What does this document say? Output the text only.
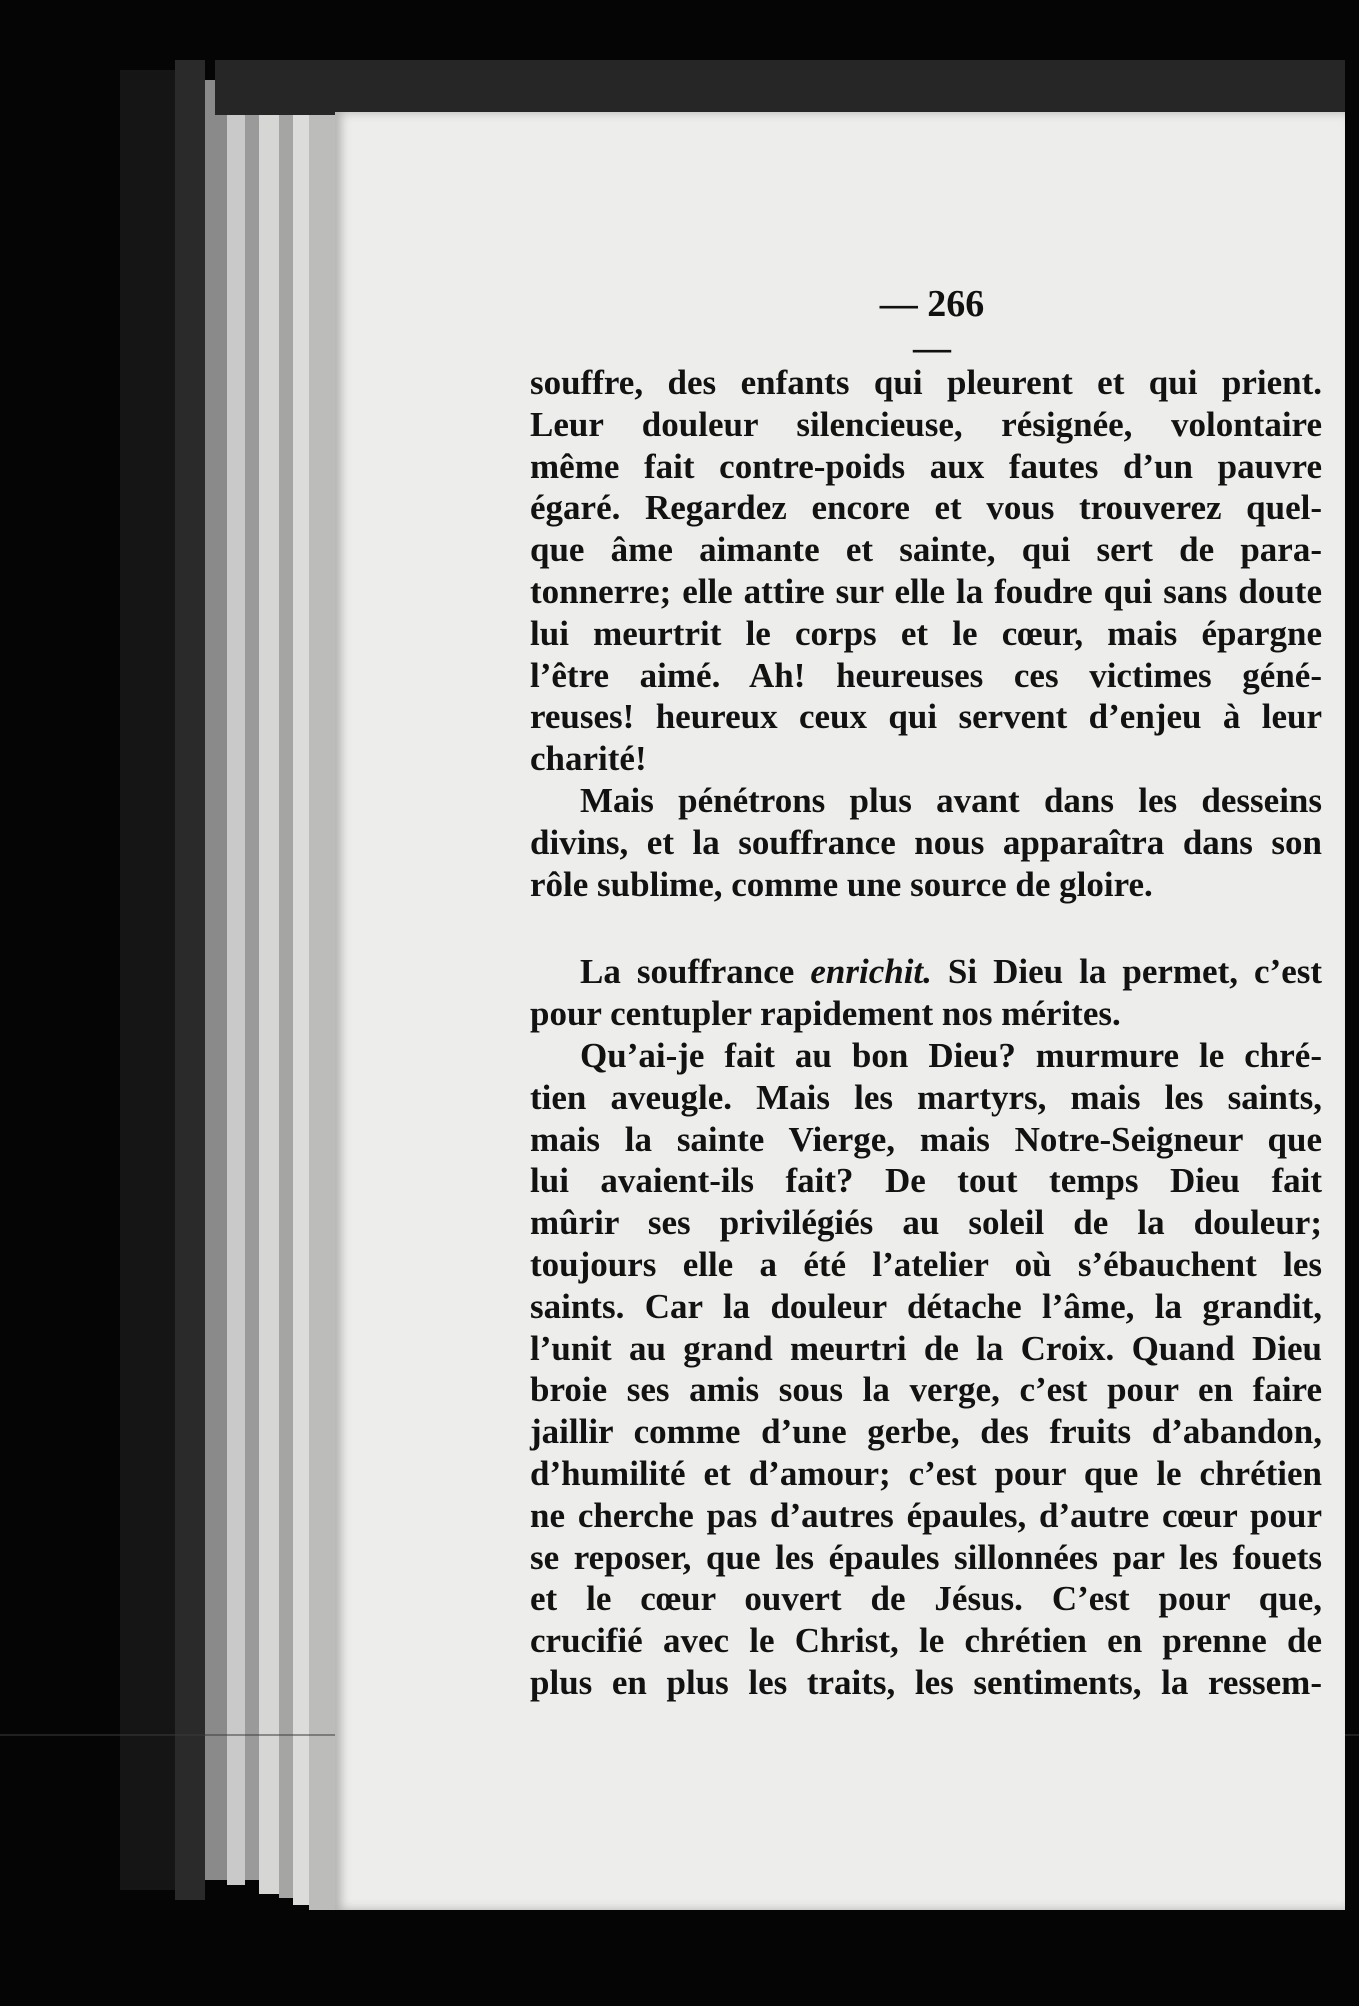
— 266 —
souffre, des enfants qui pleurent et qui prient.
Leur douleur silencieuse, résignée, volontaire
même fait contre-poids aux fautes d’un pauvre
égaré. Regardez encore et vous trouverez quel-
que âme aimante et sainte, qui sert de para-
tonnerre; elle attire sur elle la foudre qui sans doute
lui meurtrit le corps et le cœur, mais épargne
l’être aimé. Ah! heureuses ces victimes géné-
reuses! heureux ceux qui servent d’enjeu à leur
charité!
Mais pénétrons plus avant dans les desseins
divins, et la souffrance nous apparaîtra dans son
rôle sublime, comme une source de gloire.
La souffrance enrichit. Si Dieu la permet, c’est
pour centupler rapidement nos mérites.
Qu’ai-je fait au bon Dieu? murmure le chré-
tien aveugle. Mais les martyrs, mais les saints,
mais la sainte Vierge, mais Notre-Seigneur que
lui avaient-ils fait? De tout temps Dieu fait
mûrir ses privilégiés au soleil de la douleur;
toujours elle a été l’atelier où s’ébauchent les
saints. Car la douleur détache l’âme, la grandit,
l’unit au grand meurtri de la Croix. Quand Dieu
broie ses amis sous la verge, c’est pour en faire
jaillir comme d’une gerbe, des fruits d’abandon,
d’humilité et d’amour; c’est pour que le chrétien
ne cherche pas d’autres épaules, d’autre cœur pour
se reposer, que les épaules sillonnées par les fouets
et le cœur ouvert de Jésus. C’est pour que,
crucifié avec le Christ, le chrétien en prenne de
plus en plus les traits, les sentiments, la ressem-
